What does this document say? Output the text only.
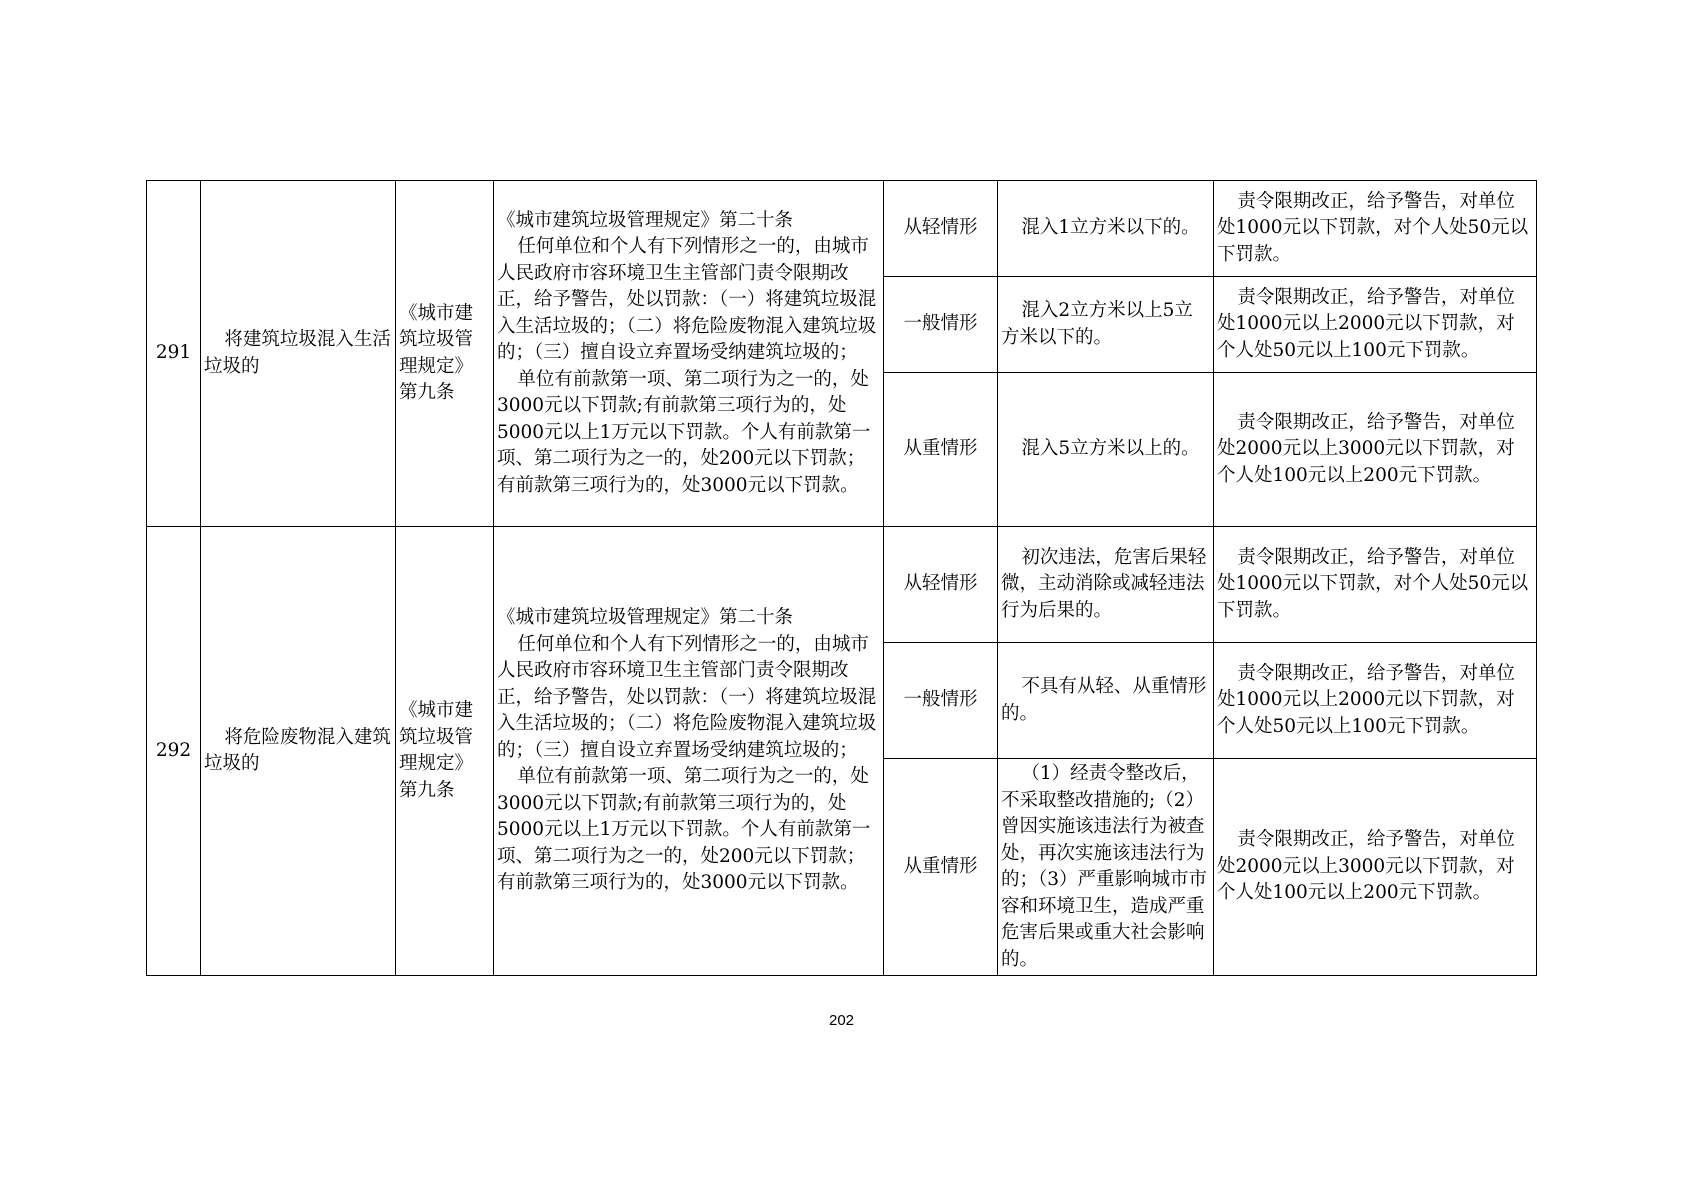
291	将建筑垃圾混入生活垃圾的	《城市建筑垃圾管理规定》第九条	《城市建筑垃圾管理规定》第二十条

任何单位和个人有下列情形之一的，由城市人民政府市容环境卫生主管部门责令限期改正，给予警告，处以罚款：（一）将建筑垃圾混入生活垃圾的；（二）将危险废物混入建筑垃圾的；（三）擅自设立弃置场受纳建筑垃圾的；

单位有前款第一项、第二项行为之一的，处3000元以下罚款;有前款第三项行为的，处5000元以上1万元以下罚款。个人有前款第一项、第二项行为之一的，处200元以下罚款；有前款第三项行为的，处3000元以下罚款。	从轻情形	混入1立方米以下的。	责令限期改正，给予警告，对单位处1000元以下罚款，对个人处50元以下罚款。

				一般情形	混入2立方米以上5立方米以下的。	责令限期改正，给予警告，对单位处1000元以上2000元以下罚款，对个人处50元以上100元下罚款。

				从重情形	混入5立方米以上的。	责令限期改正，给予警告，对单位处2000元以上3000元以下罚款，对个人处100元以上200元下罚款。

292	将危险废物混入建筑垃圾的	《城市建筑垃圾管理规定》第九条	《城市建筑垃圾管理规定》第二十条

任何单位和个人有下列情形之一的，由城市人民政府市容环境卫生主管部门责令限期改正，给予警告，处以罚款：（一）将建筑垃圾混入生活垃圾的；（二）将危险废物混入建筑垃圾的；（三）擅自设立弃置场受纳建筑垃圾的；

单位有前款第一项、第二项行为之一的，处3000元以下罚款;有前款第三项行为的，处5000元以上1万元以下罚款。个人有前款第一项、第二项行为之一的，处200元以下罚款；有前款第三项行为的，处3000元以下罚款。	从轻情形	初次违法，危害后果轻微，主动消除或减轻违法行为后果的。	责令限期改正，给予警告，对单位处1000元以下罚款，对个人处50元以下罚款。

				一般情形	不具有从轻、从重情形的。	责令限期改正，给予警告，对单位处1000元以上2000元以下罚款，对个人处50元以上100元下罚款。

				从重情形	（1）经责令整改后，不采取整改措施的;（2）曾因实施该违法行为被查处，再次实施该违法行为的；（3）严重影响城市市容和环境卫生，造成严重危害后果或重大社会影响的。	责令限期改正，给予警告，对单位处2000元以上3000元以下罚款，对个人处100元以上200元下罚款。

202
